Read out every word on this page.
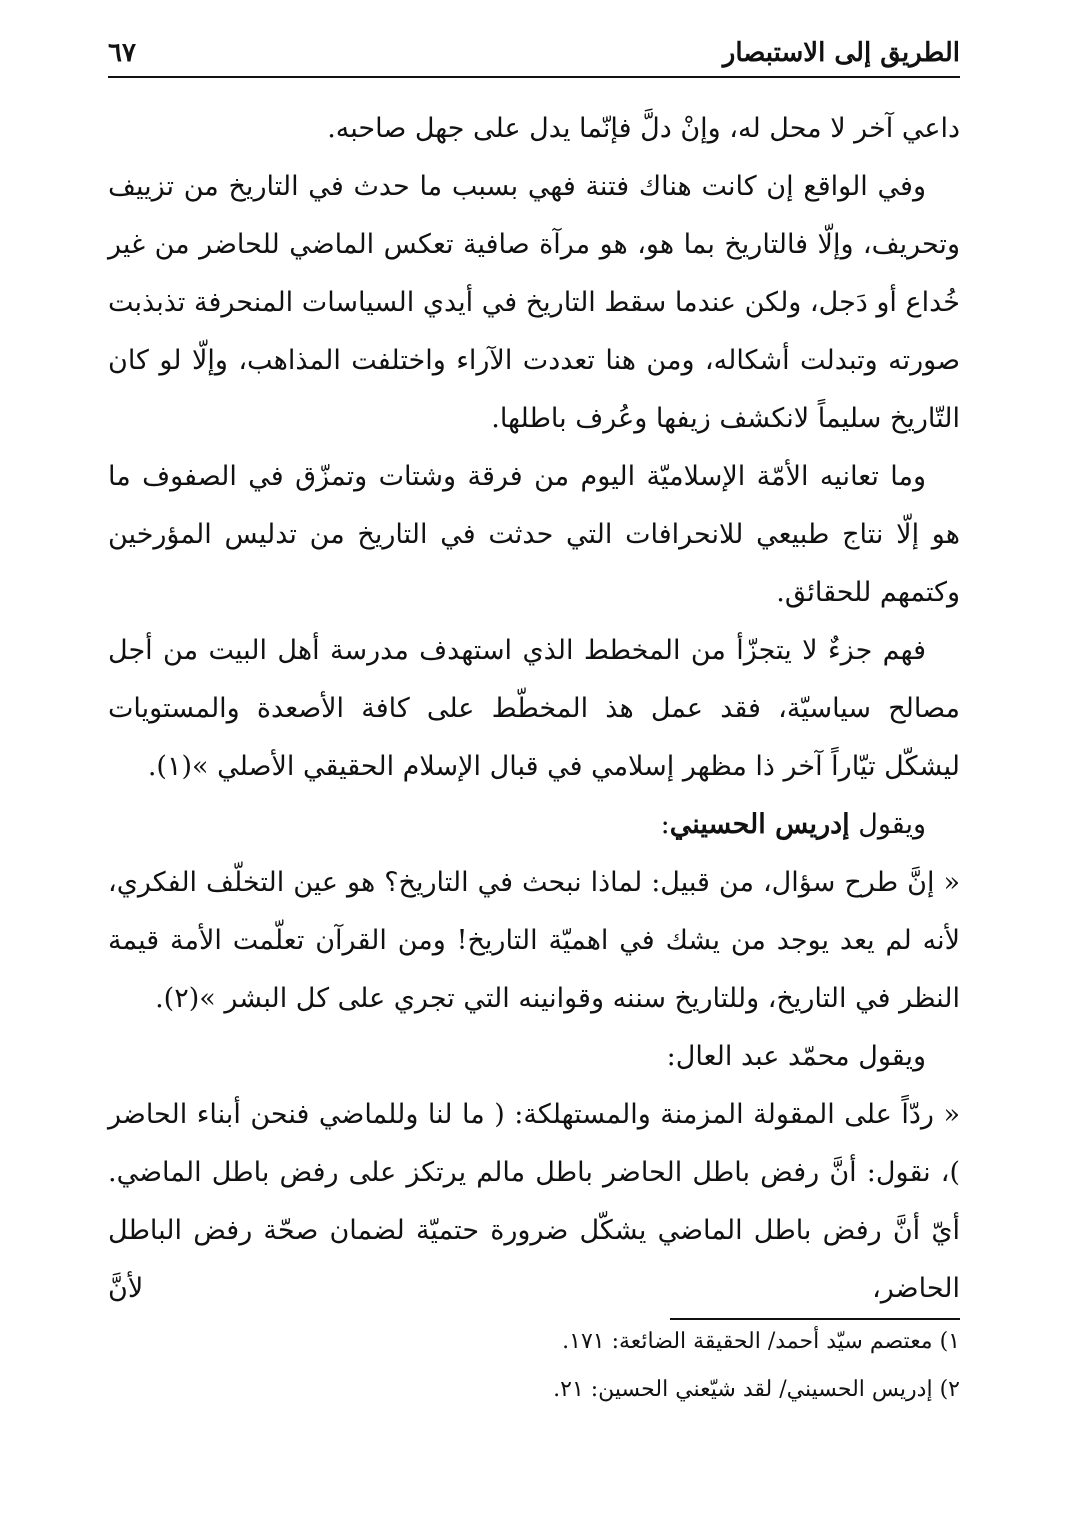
الطريق إلى الاستبصار
٦٧

داعي آخر لا محل له، وإنْ دلَّ فإنّما يدل على جهل صاحبه.

وفي الواقع إن كانت هناك فتنة فهي بسبب ما حدث في التاريخ من تزييف وتحريف، وإلّا فالتاريخ بما هو، هو مرآة صافية تعكس الماضي للحاضر من غير خُداع أو دَجل، ولكن عندما سقط التاريخ في أيدي السياسات المنحرفة تذبذبت صورته وتبدلت أشكاله، ومن هنا تعددت الآراء واختلفت المذاهب، وإلّا لو كان التّاريخ سليماً لانكشف زيفها وعُرف باطلها.

وما تعانيه الأمّة الإسلاميّة اليوم من فرقة وشتات وتمزّق في الصفوف ما هو إلّا نتاج طبيعي للانحرافات التي حدثت في التاريخ من تدليس المؤرخين وكتمهم للحقائق.

فهم جزءٌ لا يتجزّأ من المخطط الذي استهدف مدرسة أهل البيت من أجل مصالح سياسيّة، فقد عمل هذ المخطّط على كافة الأصعدة والمستويات ليشكّل تيّاراً آخر ذا مظهر إسلامي في قبال الإسلام الحقيقي الأصلي »(١).

ويقول إدريس الحسيني:

« إنَّ طرح سؤال، من قبيل: لماذا نبحث في التاريخ؟ هو عين التخلّف الفكري، لأنه لم يعد يوجد من يشك في اهميّة التاريخ! ومن القرآن تعلّمت الأمة قيمة النظر في التاريخ، وللتاريخ سننه وقوانينه التي تجري على كل البشر »(٢).

ويقول محمّد عبد العال:

« ردّاً على المقولة المزمنة والمستهلكة: ( ما لنا وللماضي فنحن أبناء الحاضر )، نقول: أنَّ رفض باطل الحاضر باطل مالم يرتكز على رفض باطل الماضي. أيّ أنَّ رفض باطل الماضي يشكّل ضرورة حتميّة لضمان صحّة رفض الباطل الحاضر، لأنَّ

١) معتصم سيّد أحمد/ الحقيقة الضائعة: ١٧١.

٢) إدريس الحسيني/ لقد شيّعني الحسين: ٢١.
